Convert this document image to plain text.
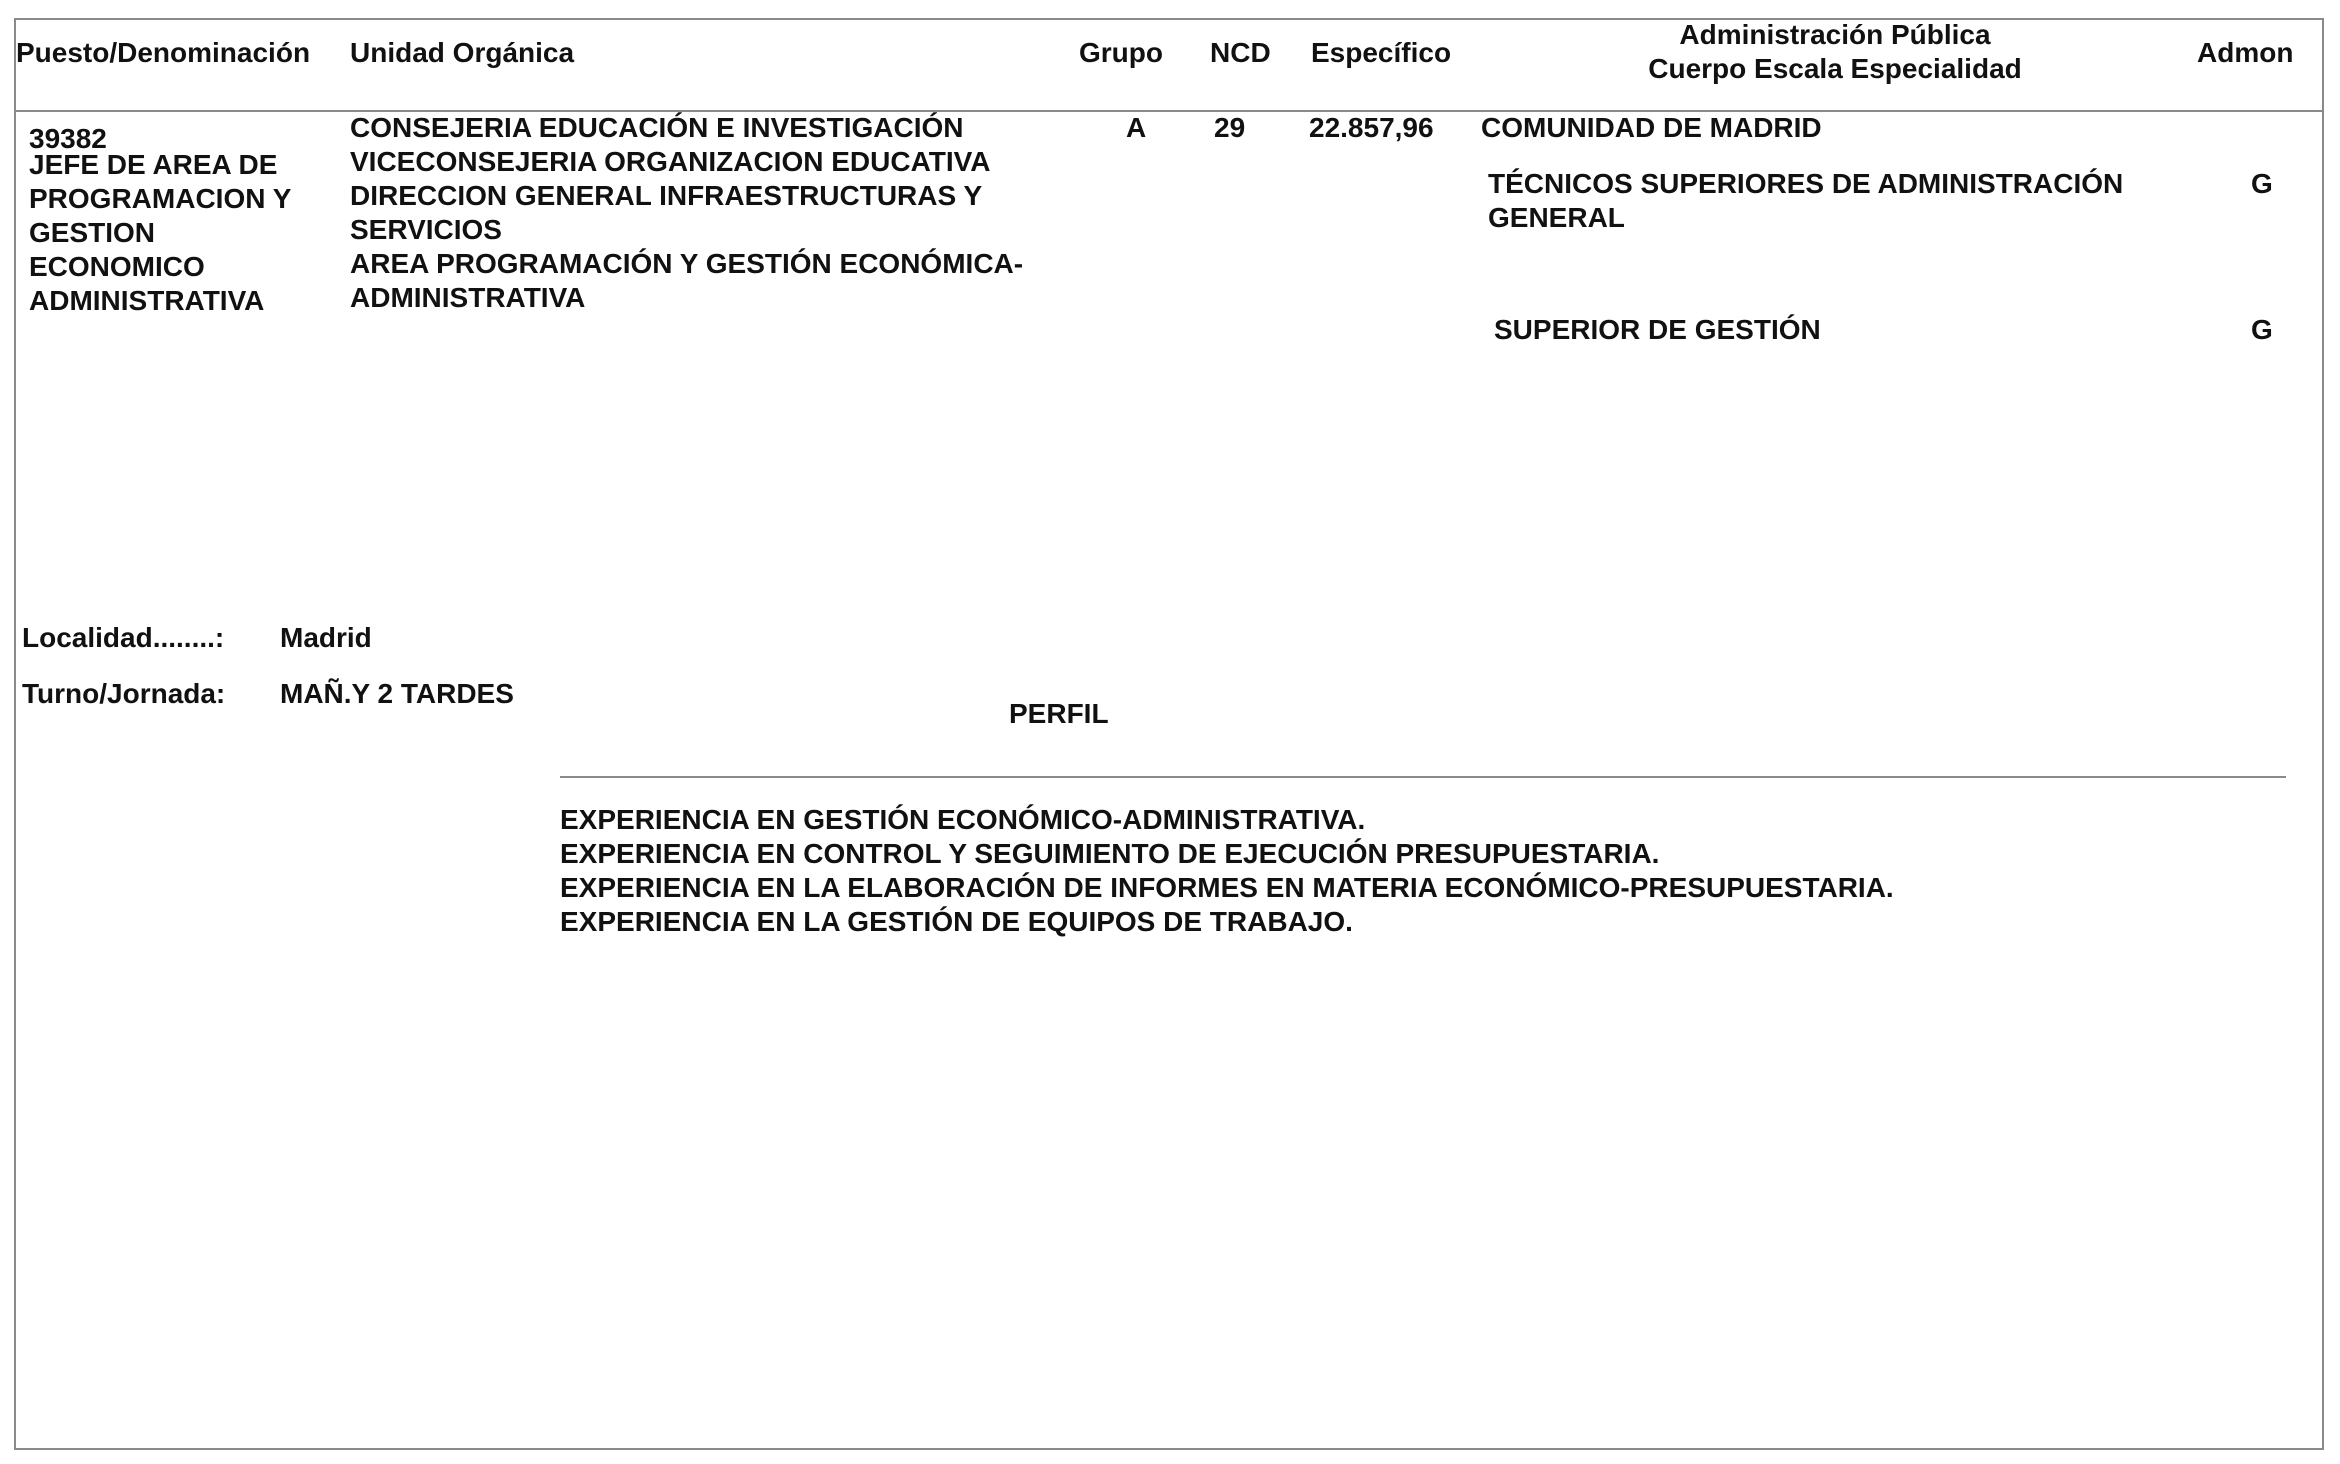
Puesto/Denominación Unidad Orgánica	Grupo NCD Específico
Administración Pública
Cuerpo Escala Especialidad
Admon
39382
JEFE DE AREA DE
PROGRAMACION Y
GESTION
ECONOMICO
ADMINISTRATIVA
CONSEJERIA EDUCACIÓN E INVESTIGACIÓN
VICECONSEJERIA ORGANIZACION EDUCATIVA
DIRECCION GENERAL INFRAESTRUCTURAS Y
SERVICIOS
AREA PROGRAMACIÓN Y GESTIÓN ECONÓMICA-
ADMINISTRATIVA
A 29 22.857,96 COMUNIDAD DE MADRID
TÉCNICOS SUPERIORES DE ADMINISTRACIÓN
GENERAL
G
SUPERIOR DE GESTIÓN	G
Localidad........: Madrid
Turno/Jornada: MAÑ.Y 2 TARDES
PERFIL
EXPERIENCIA EN GESTIÓN ECONÓMICO-ADMINISTRATIVA.
EXPERIENCIA EN CONTROL Y SEGUIMIENTO DE EJECUCIÓN PRESUPUESTARIA.
EXPERIENCIA EN LA ELABORACIÓN DE INFORMES EN MATERIA ECONÓMICO-PRESUPUESTARIA.
EXPERIENCIA EN LA GESTIÓN DE EQUIPOS DE TRABAJO.
